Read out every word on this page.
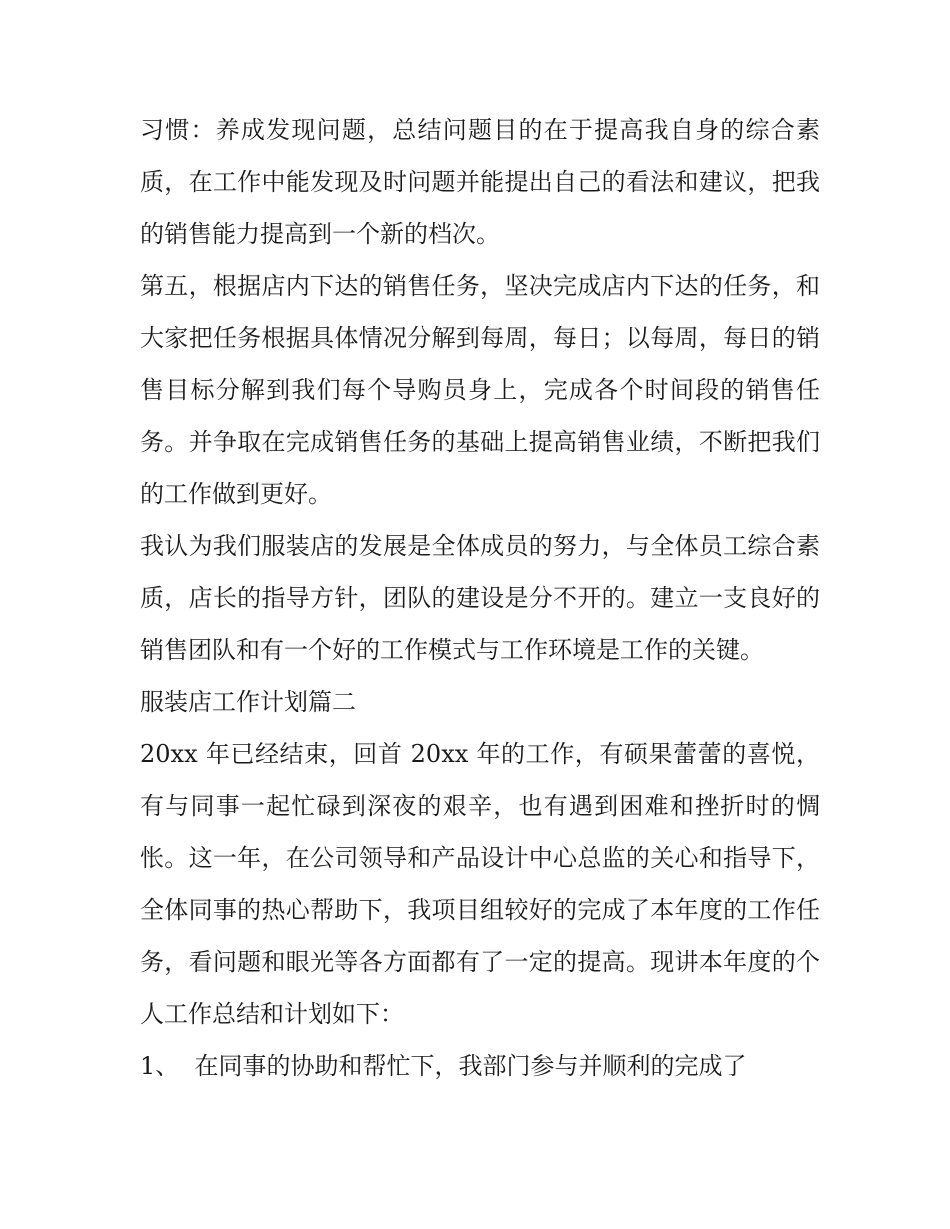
习惯：养成发现问题，总结问题目的在于提高我自身的综合素质，在工作中能发现及时问题并能提出自己的看法和建议，把我的销售能力提高到一个新的档次。

第五，根据店内下达的销售任务，坚决完成店内下达的任务，和大家把任务根据具体情况分解到每周，每日；以每周，每日的销售目标分解到我们每个导购员身上，完成各个时间段的销售任务。并争取在完成销售任务的基础上提高销售业绩，不断把我们的工作做到更好。

我认为我们服装店的发展是全体成员的努力，与全体员工综合素质，店长的指导方针，团队的建设是分不开的。建立一支良好的销售团队和有一个好的工作模式与工作环境是工作的关键。

服装店工作计划篇二

20xx 年已经结束，回首 20xx 年的工作，有硕果蕾蕾的喜悦，有与同事一起忙碌到深夜的艰辛，也有遇到困难和挫折时的惆怅。这一年，在公司领导和产品设计中心总监的关心和指导下，全体同事的热心帮助下，我项目组较好的完成了本年度的工作任务，看问题和眼光等各方面都有了一定的提高。现讲本年度的个人工作总结和计划如下：

1、  在同事的协助和帮忙下，我部门参与并顺利的完成了
